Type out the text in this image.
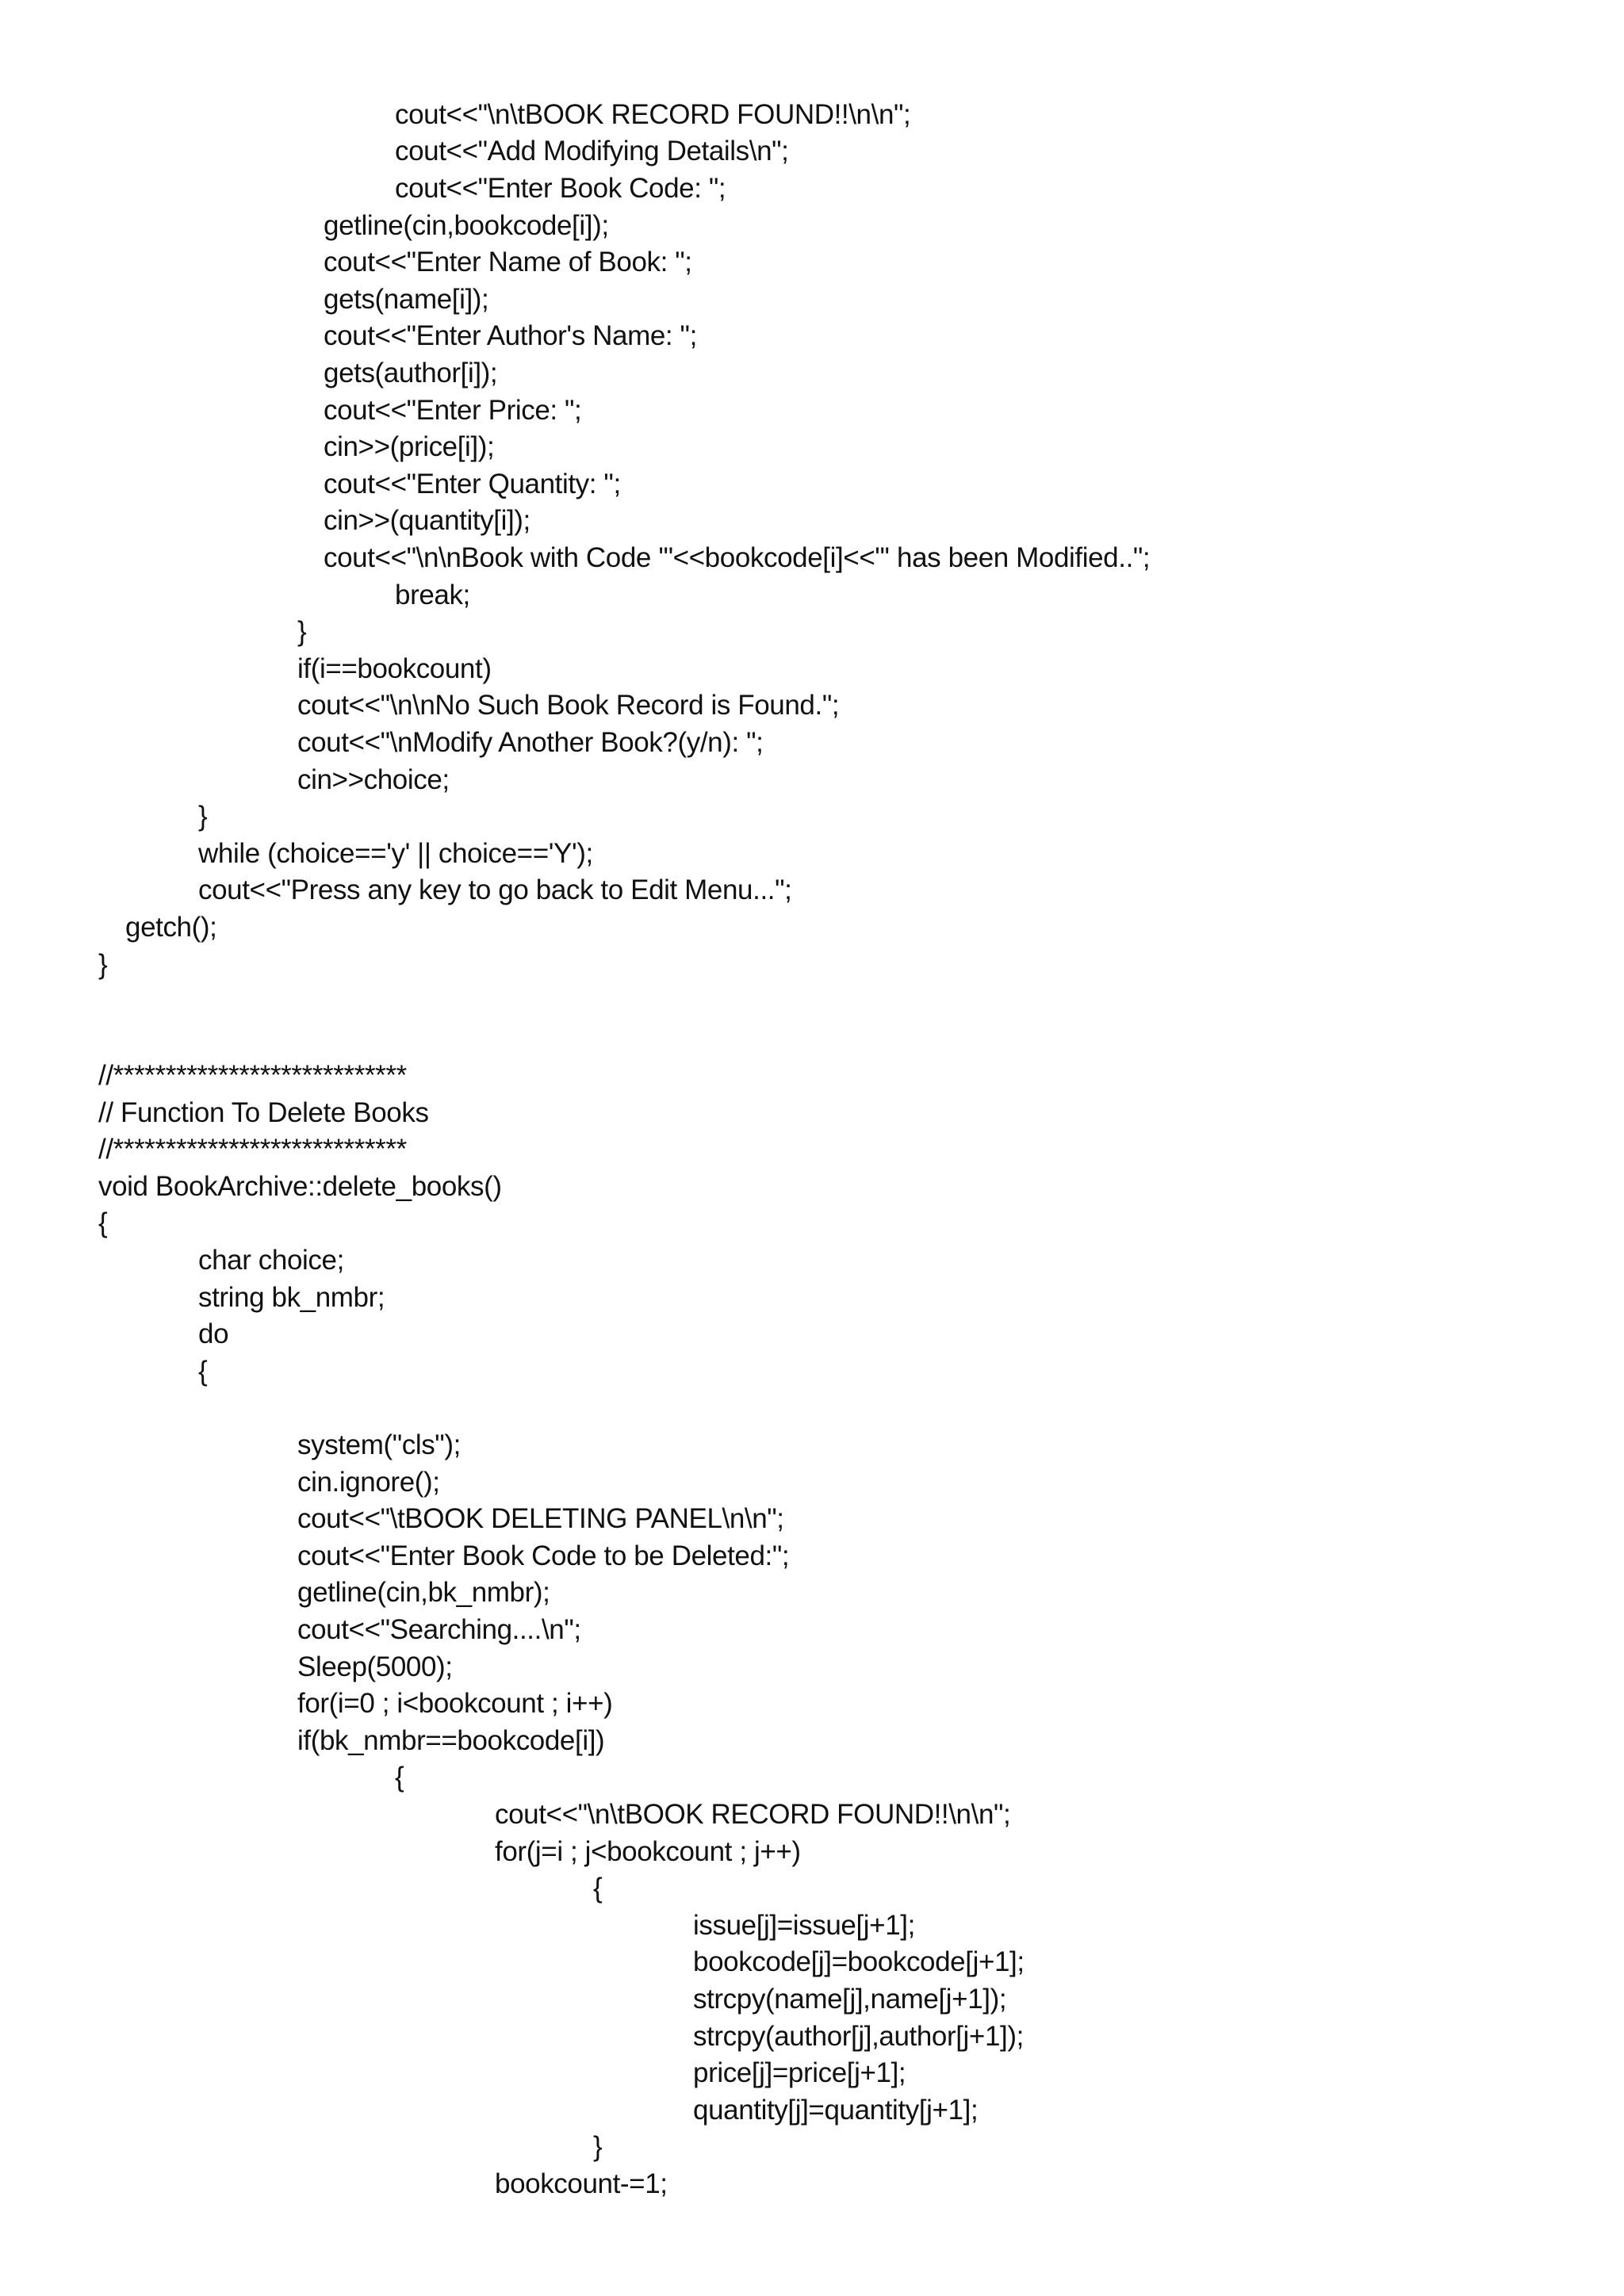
cout<<"\n\tBOOK RECORD FOUND!!\n\n";
cout<<"Add Modifying Details\n";
cout<<"Enter Book Code: ";
getline(cin,bookcode[i]);
cout<<"Enter Name of Book: ";
gets(name[i]);
cout<<"Enter Author's Name: ";
gets(author[i]);
cout<<"Enter Price: ";
cin>>(price[i]);
cout<<"Enter Quantity: ";
cin>>(quantity[i]);
cout<<"\n\nBook with Code '"<<bookcode[i]<<"' has been Modified..";
break;
}
if(i==bookcount)
cout<<"\n\nNo Such Book Record is Found.";
cout<<"\nModify Another Book?(y/n): ";
cin>>choice;
}
while (choice=='y' || choice=='Y');
cout<<"Press any key to go back to Edit Menu...";
getch();
}
//****************************
// Function To Delete Books
//****************************
void BookArchive::delete_books()
{
char choice;
string bk_nmbr;
do
{
system("cls");
cin.ignore();
cout<<"\tBOOK DELETING PANEL\n\n";
cout<<"Enter Book Code to be Deleted:";
getline(cin,bk_nmbr);
cout<<"Searching....\n";
Sleep(5000);
for(i=0 ; i<bookcount ; i++)
if(bk_nmbr==bookcode[i])
{
cout<<"\n\tBOOK RECORD FOUND!!\n\n";
for(j=i ; j<bookcount ; j++)
{
issue[j]=issue[j+1];
bookcode[j]=bookcode[j+1];
strcpy(name[j],name[j+1]);
strcpy(author[j],author[j+1]);
price[j]=price[j+1];
quantity[j]=quantity[j+1];
}
bookcount-=1;
